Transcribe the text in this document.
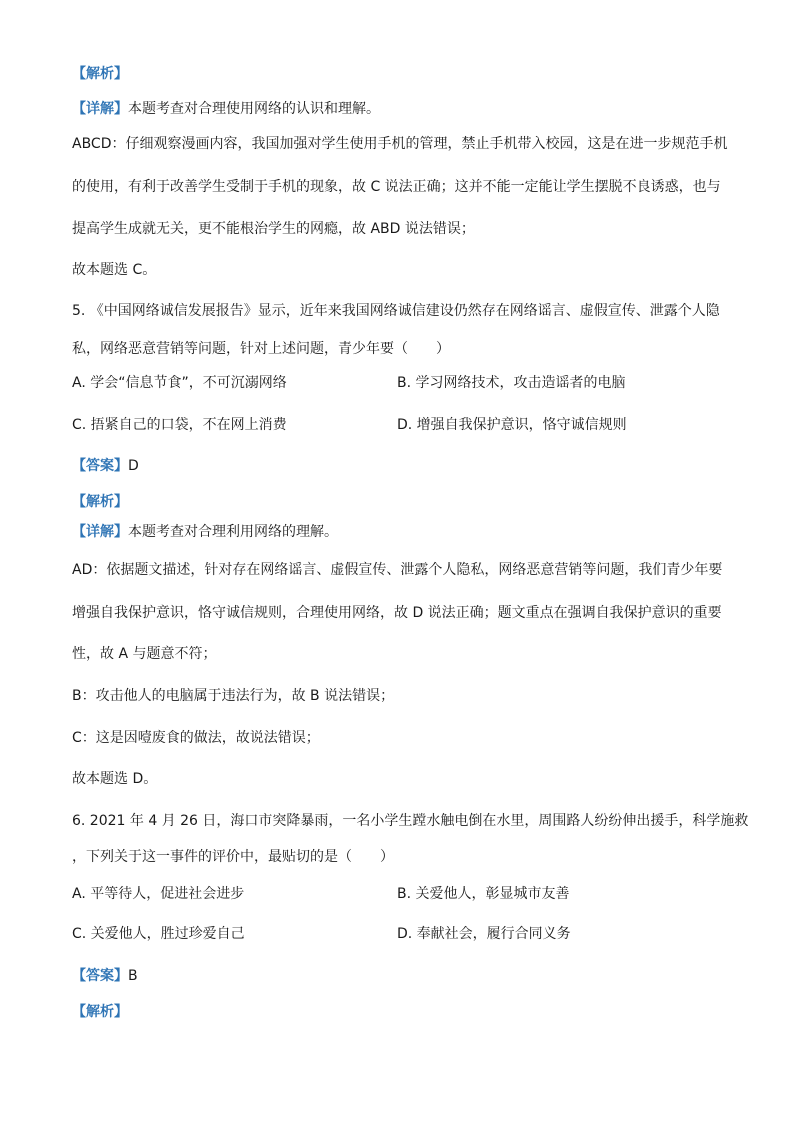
【解析】

【详解】本题考查对合理使用网络的认识和理解。

ABCD：仔细观察漫画内容，我国加强对学生使用手机的管理，禁止手机带入校园，这是在进一步规范手机

的使用，有利于改善学生受制于手机的现象，故 C 说法正确；这并不能一定能让学生摆脱不良诱惑，也与

提高学生成就无关，更不能根治学生的网瘾，故 ABD 说法错误；

故本题选 C。

5. 《中国网络诚信发展报告》显示，近年来我国网络诚信建设仍然存在网络谣言、虚假宣传、泄露个人隐

私，网络恶意营销等问题，针对上述问题，青少年要（　　）

A. 学会“信息节食”，不可沉溺网络	B. 学习网络技术，攻击造谣者的电脑
C. 捂紧自己的口袋，不在网上消费	D. 增强自我保护意识，恪守诚信规则

【答案】D

【解析】

【详解】本题考查对合理利用网络的理解。

AD：依据题文描述，针对存在网络谣言、虚假宣传、泄露个人隐私，网络恶意营销等问题，我们青少年要

增强自我保护意识，恪守诚信规则，合理使用网络，故 D 说法正确；题文重点在强调自我保护意识的重要

性，故 A 与题意不符；

B：攻击他人的电脑属于违法行为，故 B 说法错误；

C：这是因噎废食的做法，故说法错误；

故本题选 D。

6. 2021 年 4 月 26 日，海口市突降暴雨，一名小学生蹚水触电倒在水里，周围路人纷纷伸出援手，科学施救

，下列关于这一事件的评价中，最贴切的是（　　）

A. 平等待人，促进社会进步	B. 关爱他人，彰显城市友善
C. 关爱他人，胜过珍爱自己	D. 奉献社会，履行合同义务

【答案】B

【解析】
